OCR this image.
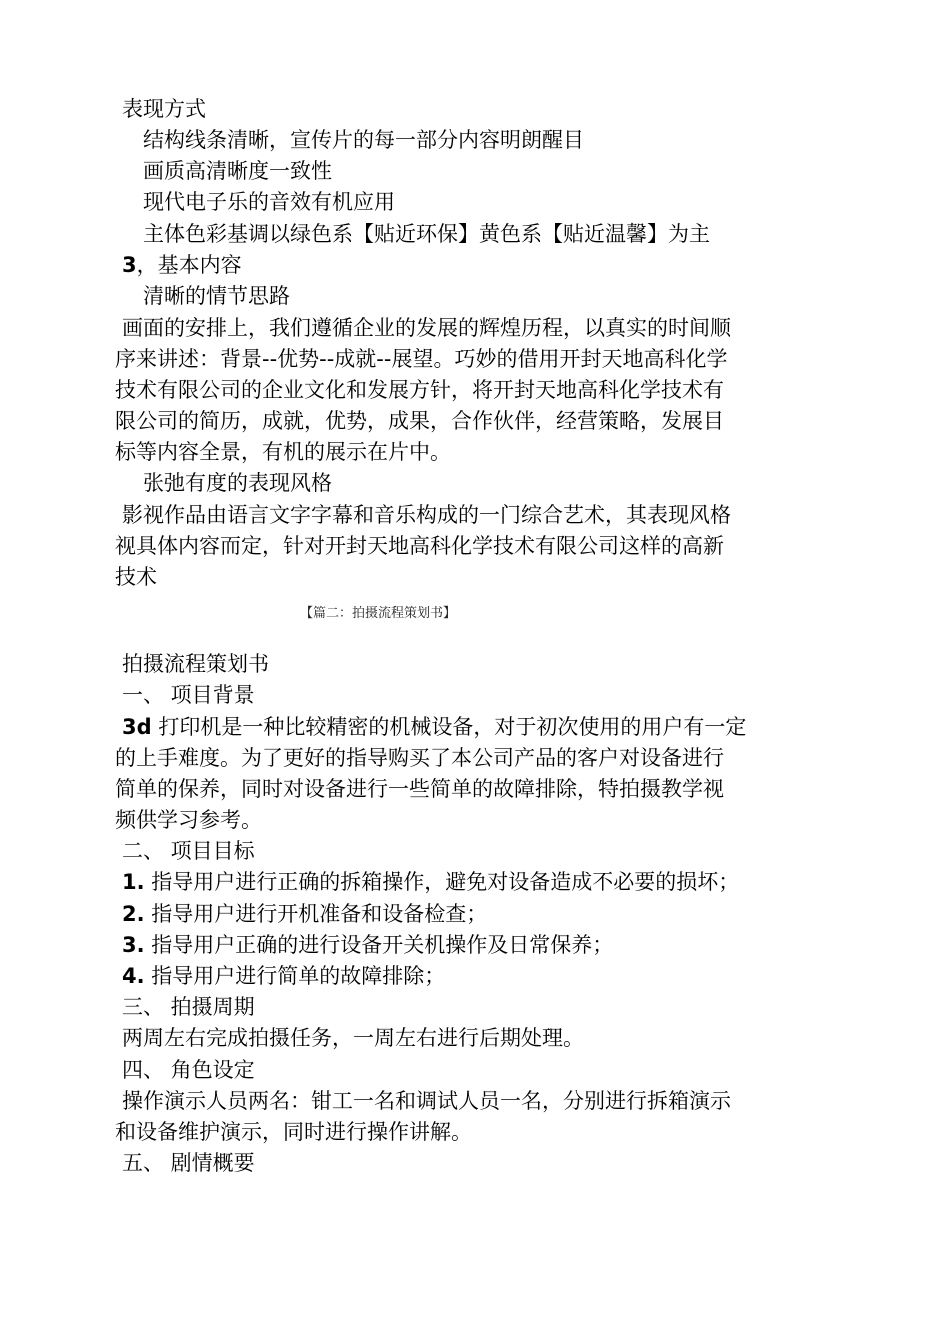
表现方式
结构线条清晰，宣传片的每一部分内容明朗醒目
画质高清晰度一致性
现代电子乐的音效有机应用
主体色彩基调以绿色系【贴近环保】黄色系【贴近温馨】为主
3，基本内容
清晰的情节思路
画面的安排上，我们遵循企业的发展的辉煌历程，以真实的时间顺
序来讲述：背景--优势--成就--展望。巧妙的借用开封天地高科化学
技术有限公司的企业文化和发展方针，将开封天地高科化学技术有
限公司的简历，成就，优势，成果，合作伙伴，经营策略，发展目
标等内容全景，有机的展示在片中。
张弛有度的表现风格
影视作品由语言文字字幕和音乐构成的一门综合艺术，其表现风格
视具体内容而定，针对开封天地高科化学技术有限公司这样的高新
技术
【篇二：拍摄流程策划书】
拍摄流程策划书
一、 项目背景
3d 打印机是一种比较精密的机械设备，对于初次使用的用户有一定
的上手难度。为了更好的指导购买了本公司产品的客户对设备进行
简单的保养，同时对设备进行一些简单的故障排除，特拍摄教学视
频供学习参考。
二、 项目目标
1. 指导用户进行正确的拆箱操作，避免对设备造成不必要的损坏；
2. 指导用户进行开机准备和设备检查；
3. 指导用户正确的进行设备开关机操作及日常保养；
4. 指导用户进行简单的故障排除；
三、 拍摄周期
两周左右完成拍摄任务，一周左右进行后期处理。
四、 角色设定
操作演示人员两名：钳工一名和调试人员一名，分别进行拆箱演示
和设备维护演示，同时进行操作讲解。
五、 剧情概要
